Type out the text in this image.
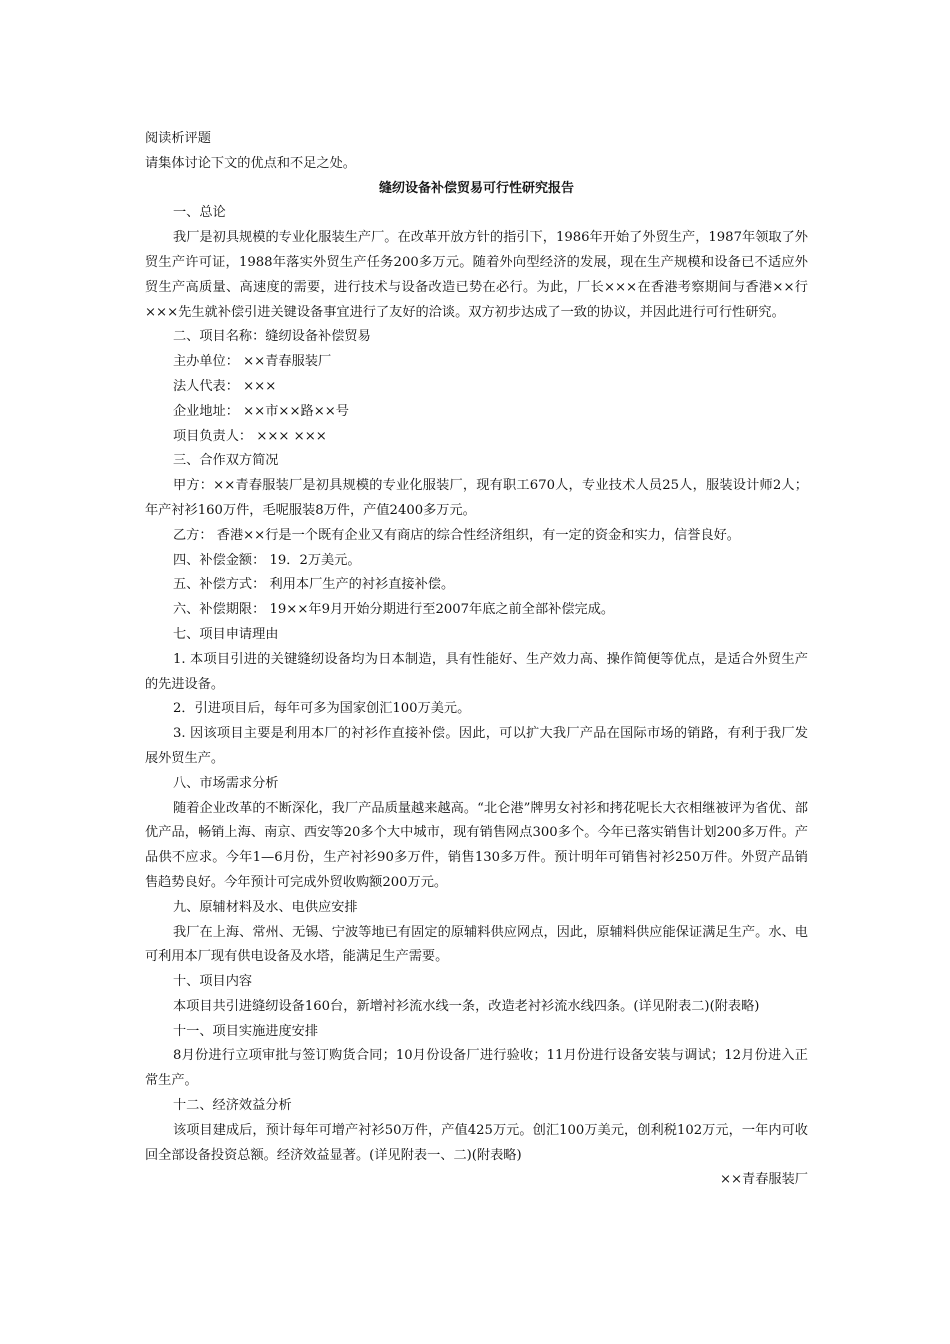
阅读析评题

请集体讨论下文的优点和不足之处。

缝纫设备补偿贸易可行性研究报告

一、总论

我厂是初具规模的专业化服装生产厂。在改革开放方针的指引下，1986年开始了外贸生产，1987年领取了外贸生产许可证，1988年落实外贸生产任务200多万元。随着外向型经济的发展，现在生产规模和设备已不适应外贸生产高质量、高速度的需要，进行技术与设备改造已势在必行。为此，厂长×××在香港考察期间与香港××行×××先生就补偿引进关键设备事宜进行了友好的洽谈。双方初步达成了一致的协议，并因此进行可行性研究。

二、项目名称：缝纫设备补偿贸易

主办单位： ××青春服装厂

法人代表： ×××

企业地址： ××市××路××号

项目负责人： ××× ×××

三、合作双方简况

甲方：××青春服装厂是初具规模的专业化服装厂，现有职工670人，专业技术人员25人，服装设计师2人；年产衬衫160万件，毛呢服装8万件，产值2400多万元。

乙方： 香港××行是一个既有企业又有商店的综合性经济组织，有一定的资金和实力，信誉良好。

四、补偿金额： 19．2万美元。

五、补偿方式： 利用本厂生产的衬衫直接补偿。

六、补偿期限： 19××年9月开始分期进行至2007年底之前全部补偿完成。

七、项目申请理由

1. 本项目引进的关键缝纫设备均为日本制造，具有性能好、生产效力高、操作简便等优点，是适合外贸生产的先进设备。

2．引进项目后，每年可多为国家创汇100万美元。

3. 因该项目主要是利用本厂的衬衫作直接补偿。因此，可以扩大我厂产品在国际市场的销路，有利于我厂发展外贸生产。

八、市场需求分析

随着企业改革的不断深化，我厂产品质量越来越高。“北仑港”牌男女衬衫和拷花呢长大衣相继被评为省优、部优产品，畅销上海、南京、西安等20多个大中城市，现有销售网点300多个。今年已落实销售计划200多万件。产品供不应求。今年1—6月份，生产衬衫90多万件，销售130多万件。预计明年可销售衬衫250万件。外贸产品销售趋势良好。今年预计可完成外贸收购额200万元。

九、原辅材料及水、电供应安排

我厂在上海、常州、无锡、宁波等地已有固定的原辅料供应网点，因此，原辅料供应能保证满足生产。水、电可利用本厂现有供电设备及水塔，能满足生产需要。

十、项目内容

本项目共引进缝纫设备160台，新增衬衫流水线一条，改造老衬衫流水线四条。(详见附表二)(附表略)

十一、项目实施进度安排

8月份进行立项审批与签订购货合同；10月份设备厂进行验收；11月份进行设备安装与调试；12月份进入正常生产。

十二、经济效益分析

该项目建成后，预计每年可增产衬衫50万件，产值425万元。创汇100万美元，创利税102万元，一年内可收回全部设备投资总额。经济效益显著。(详见附表一、二)(附表略)

××青春服装厂
